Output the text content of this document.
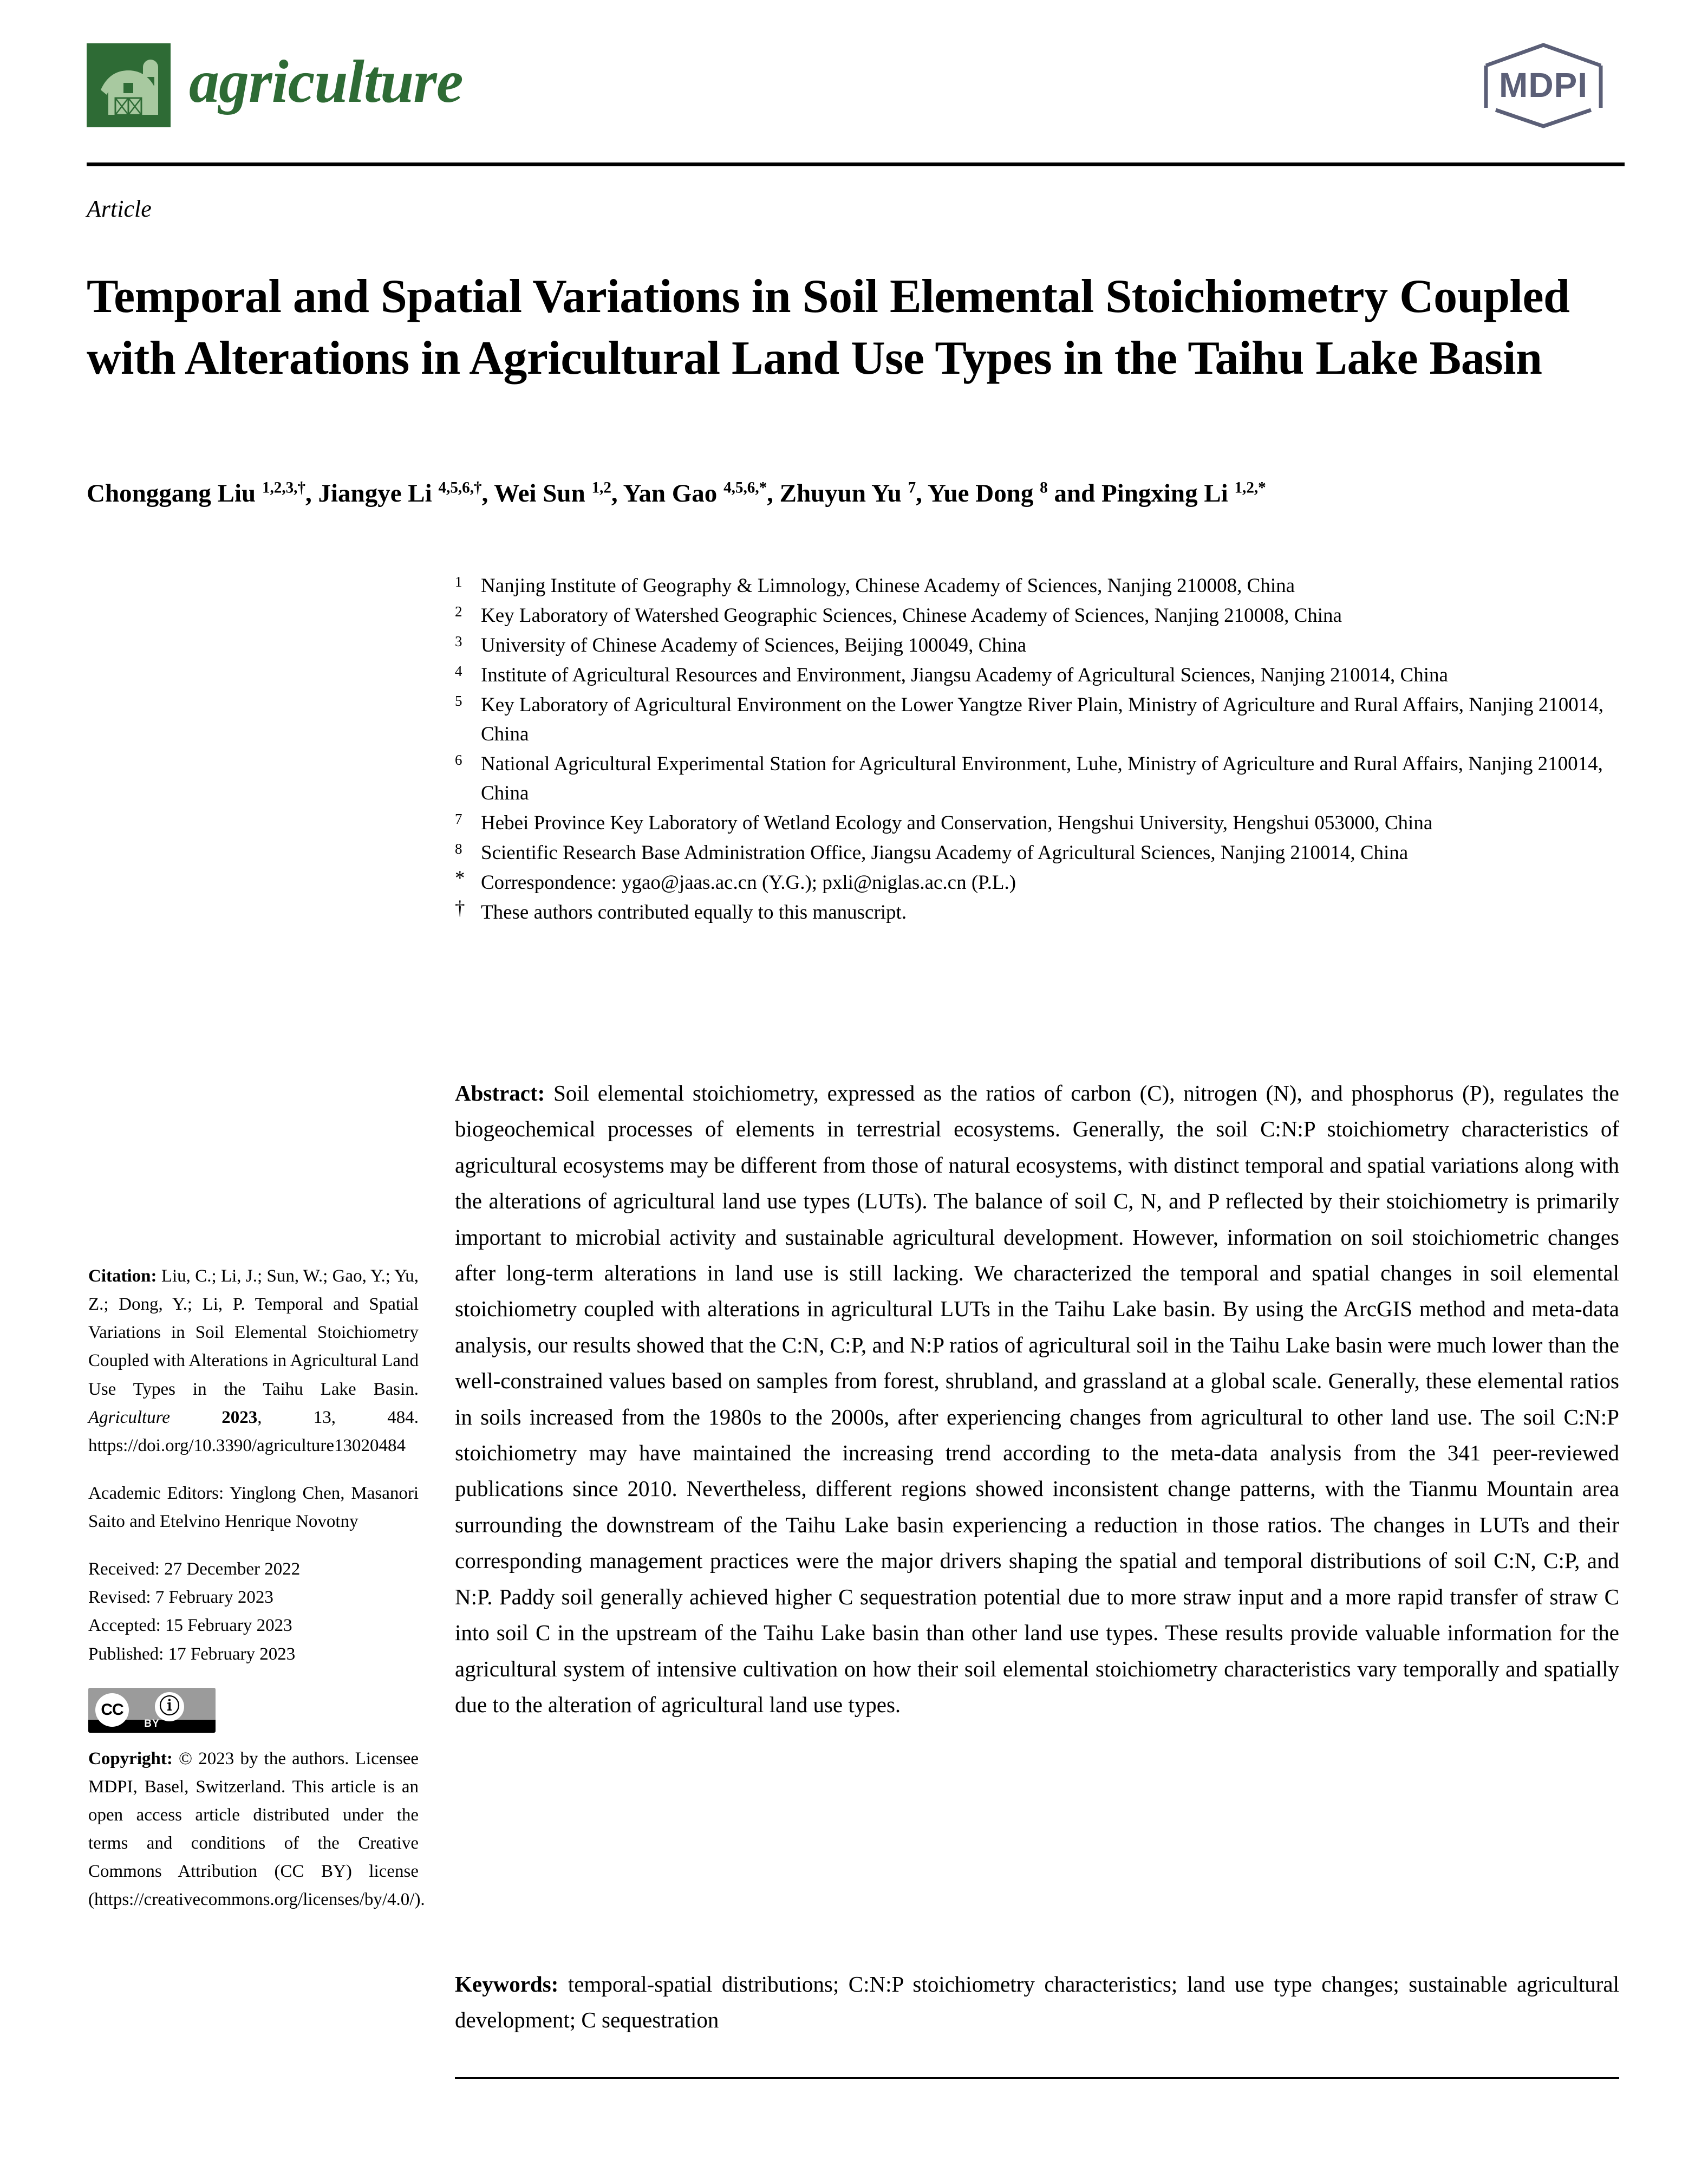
agriculture	MDPI
Article
Temporal and Spatial Variations in Soil Elemental Stoichiometry Coupled with Alterations in Agricultural Land Use Types in the Taihu Lake Basin
Chonggang Liu $^{1,2,3,\dagger}$, Jiangye Li $^{4,5,6,\dagger}$, Wei Sun $^{1,2}$, Yan Gao $^{4,5,6,*}$, Zhuyun Yu $^7$, Yue Dong $^8$ and Pingxing Li $^{1,2,*}$
1 Nanjing Institute of Geography & Limnology, Chinese Academy of Sciences, Nanjing 210008, China
2 Key Laboratory of Watershed Geographic Sciences, Chinese Academy of Sciences, Nanjing 210008, China
3 University of Chinese Academy of Sciences, Beijing 100049, China
4 Institute of Agricultural Resources and Environment, Jiangsu Academy of Agricultural Sciences, Nanjing 210014, China
5 Key Laboratory of Agricultural Environment on the Lower Yangtze River Plain, Ministry of Agriculture and Rural Affairs, Nanjing 210014, China
6 National Agricultural Experimental Station for Agricultural Environment, Luhe, Ministry of Agriculture and Rural Affairs, Nanjing 210014, China
7 Hebei Province Key Laboratory of Wetland Ecology and Conservation, Hengshui University, Hengshui 053000, China
8 Scientific Research Base Administration Office, Jiangsu Academy of Agricultural Sciences, Nanjing 210014, China
* Correspondence: ygao@jaas.ac.cn (Y.G.); pxli@niglas.ac.cn (P.L.)
† These authors contributed equally to this manuscript.
Abstract: Soil elemental stoichiometry, expressed as the ratios of carbon (C), nitrogen (N), and phosphorus (P), regulates the biogeochemical processes of elements in terrestrial ecosystems. Generally, the soil C:N:P stoichiometry characteristics of agricultural ecosystems may be different from those of natural ecosystems, with distinct temporal and spatial variations along with the alterations of agricultural land use types (LUTs). The balance of soil C, N, and P reflected by their stoichiometry is primarily important to microbial activity and sustainable agricultural development. However, information on soil stoichiometric changes after long-term alterations in land use is still lacking. We characterized the temporal and spatial changes in soil elemental stoichiometry coupled with alterations in agricultural LUTs in the Taihu Lake basin. By using the ArcGIS method and meta-data analysis, our results showed that the C:N, C:P, and N:P ratios of agricultural soil in the Taihu Lake basin were much lower than the well-constrained values based on samples from forest, shrubland, and grassland at a global scale. Generally, these elemental ratios in soils increased from the 1980s to the 2000s, after experiencing changes from agricultural to other land use. The soil C:N:P stoichiometry may have maintained the increasing trend according to the meta-data analysis from the 341 peer-reviewed publications since 2010. Nevertheless, different regions showed inconsistent change patterns, with the Tianmu Mountain area surrounding the downstream of the Taihu Lake basin experiencing a reduction in those ratios. The changes in LUTs and their corresponding management practices were the major drivers shaping the spatial and temporal distributions of soil C:N, C:P, and N:P. Paddy soil generally achieved higher C sequestration potential due to more straw input and a more rapid transfer of straw C into soil C in the upstream of the Taihu Lake basin than other land use types. These results provide valuable information for the agricultural system of intensive cultivation on how their soil elemental stoichiometry characteristics vary temporally and spatially due to the alteration of agricultural land use types.
Keywords: temporal-spatial distributions; C:N:P stoichiometry characteristics; land use type changes; sustainable agricultural development; C sequestration
Citation: Liu, C.; Li, J.; Sun, W.; Gao, Y.; Yu, Z.; Dong, Y.; Li, P. Temporal and Spatial Variations in Soil Elemental Stoichiometry Coupled with Alterations in Agricultural Land Use Types in the Taihu Lake Basin. Agriculture	2023, 13, 484. https://doi.org/10.3390/agriculture13020484
Academic Editors: Yinglong Chen, Masanori Saito and Etelvino Henrique Novotny
Received: 27 December 2022
Revised: 7 February 2023
Accepted: 15 February 2023
Published: 17 February 2023
CC ⓘ
BY
Copyright: © 2023 by the authors. Licensee MDPI, Basel, Switzerland. This article is an open access article distributed under the terms and conditions of the Creative Commons Attribution (CC BY) license (https://creativecommons.org/licenses/by/4.0/).
